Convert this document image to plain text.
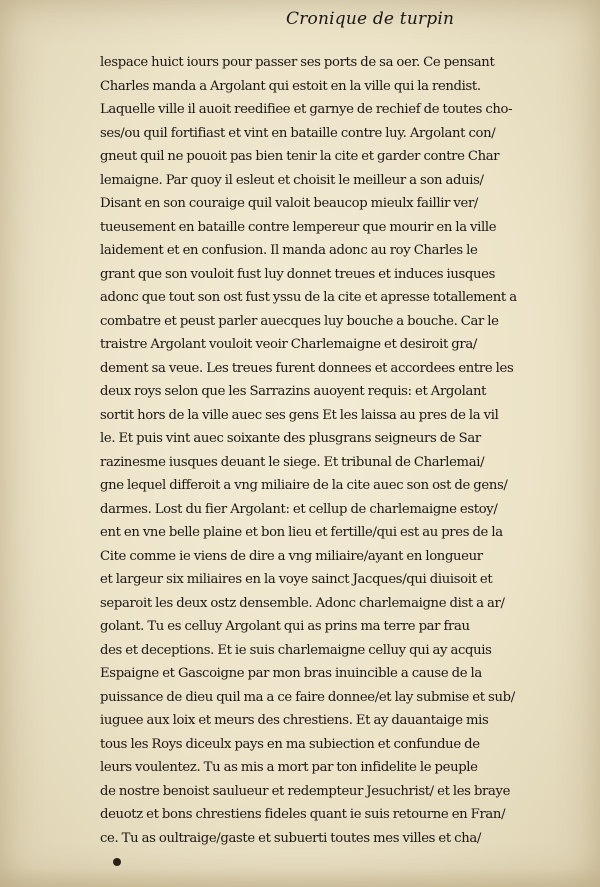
Cronique de turpin
lespace huict iours pour passer ses ports de sa oer. Ce pensant
Charles manda a Argolant qui estoit en la ville qui la rendist.
Laquelle ville il auoit reedifiee et garnye de rechief de toutes cho-
ses/ou quil fortifiast et vint en bataille contre luy. Argolant con/
gneut quil ne pouoit pas bien tenir la cite et garder contre Char
lemaigne. Par quoy il esleut et choisit le meilleur a son aduis/
Disant en son couraige quil valoit beaucop mieulx faillir ver/
tueusement en bataille contre lempereur que mourir en la ville
laidement et en confusion. Il manda adonc au roy Charles le
grant que son vouloit fust luy donnet treues et induces iusques
adonc que tout son ost fust yssu de la cite et apresse totallement a
combatre et peust parler auecques luy bouche a bouche. Car le
traistre Argolant vouloit veoir Charlemaigne et desiroit gra/
dement sa veue. Les treues furent donnees et accordees entre les
deux roys selon que les Sarrazins auoyent requis: et Argolant
sortit hors de la ville auec ses gens Et les laissa au pres de la vil
le. Et puis vint auec soixante des plusgrans seigneurs de Sar
razinesme iusques deuant le siege. Et tribunal de Charlemai/
gne lequel differoit a vng miliaire de la cite auec son ost de gens/
darmes. Lost du fier Argolant: et cellup de charlemaigne estoy/
ent en vne belle plaine et bon lieu et fertille/qui est au pres de la
Cite comme ie viens de dire a vng miliaire/ayant en longueur
et largeur six miliaires en la voye sainct Jacques/qui diuisoit et
separoit les deux ostz densemble. Adonc charlemaigne dist a ar/
golant. Tu es celluy Argolant qui as prins ma terre par frau
des et deceptions. Et ie suis charlemaigne celluy qui ay acquis
Espaigne et Gascoigne par mon bras inuincible a cause de la
puissance de dieu quil ma a ce faire donnee/et lay submise et sub/
iuguee aux loix et meurs des chrestiens. Et ay dauantaige mis
tous les Roys diceulx pays en ma subiection et confundue de
leurs voulentez. Tu as mis a mort par ton infidelite le peuple
de nostre benoist saulueur et redempteur Jesuchrist/ et les braye
deuotz et bons chrestiens fideles quant ie suis retourne en Fran/
ce. Tu as oultraige/gaste et subuerti toutes mes villes et cha/
